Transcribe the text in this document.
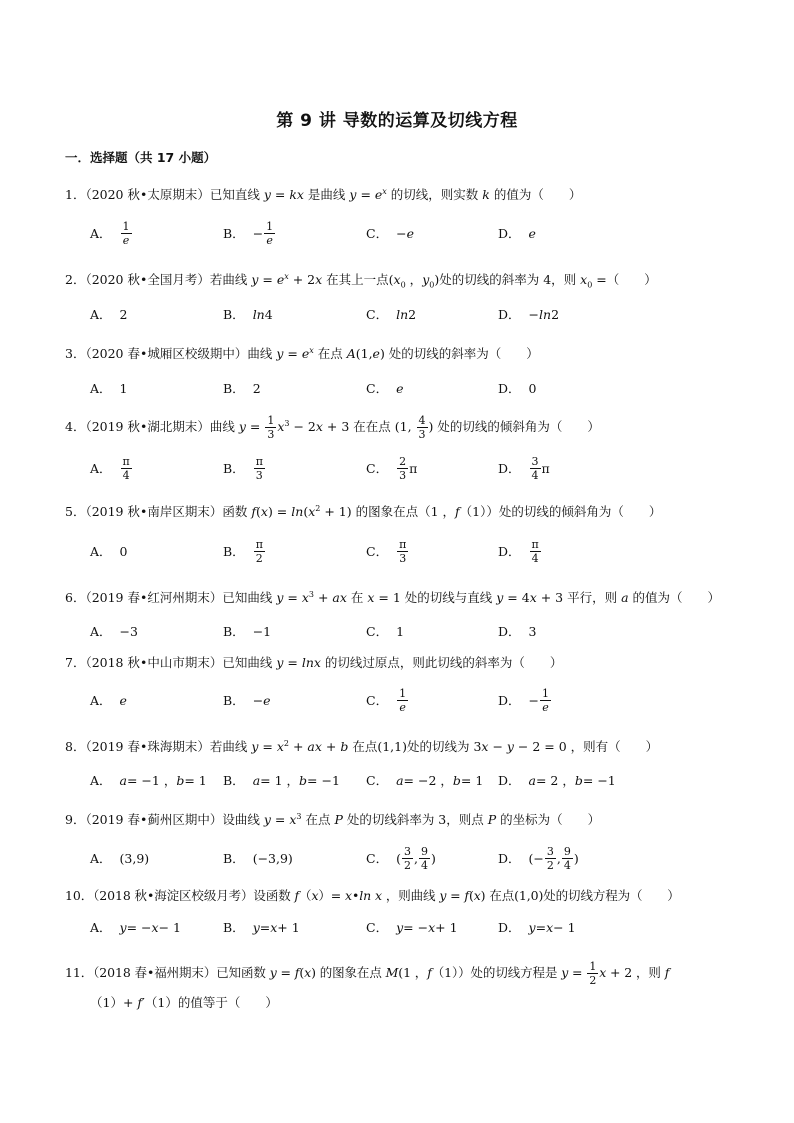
第 9 讲 导数的运算及切线方程
一．选择题（共 17 小题）
1．（2020 秋•太原期末）已知直线 y = kx 是曲线 $y = e^x$ 的切线，则实数 k 的值为（　　）
A． $\frac{1}{e}$	B． − $\frac{1}{e}$	C． − e	D． e
2．（2020 秋•全国月考）若曲线 $y = e^x + 2x$ 在其上一点($x_0$ ，$y_0$)处的切线的斜率为 4，则 $x_0$ =（　　）
A． 2	B． ln 4	C． ln 2	D． − ln 2
3．（2020 春•城厢区校级期中）曲线 $y = e^x$ 在点 A(1,e) 处的切线的斜率为（　　）
A． 1	B． 2	C． e	D． 0
4．（2019 秋•湖北期末）曲线 $y = \frac{1}{3} x^3 - 2x + 3$ 在在点 (1, $\frac{4}{3}$ ) 处的切线的倾斜角为（　　）
A． $\frac{\pi}{4}$	B． $\frac{\pi}{3}$	C． $\frac{2}{3}$ π	D． $\frac{3}{4}$ π
5．（2019 秋•南岸区期末）函数 $f(x) = \ln(x^2 + 1)$ 的图象在点（1 ，f（1））处的切线的倾斜角为（　　）
A． 0	B． $\frac{\pi}{2}$	C． $\frac{\pi}{3}$	D． $\frac{\pi}{4}$
6．（2019 春•红河州期末）已知曲线 $y = x^3$ + ax 在 x = 1 处的切线与直线 y = 4x + 3 平行，则 a 的值为（　　）
A． −3	B． −1	C． 1	D． 3
7．（2018 秋•中山市期末）已知曲线 y = lnx 的切线过原点，则此切线的斜率为（　　）
A． e	B． − e	C． $\frac{1}{e}$	D． − $\frac{1}{e}$
8．（2019 春•珠海期末）若曲线 $y = x^2$ + ax + b 在点(1,1)处的切线为 3x − y − 2 = 0 ，则有（　　）
A． a = −1 ， b = 1 B． a = 1 ， b = −1 C． a = −2 ， b = 1 D． a = 2 ， b = −1
9．（2019 春•蓟州区期中）设曲线 $y = x^3$ 在点 P 处的切线斜率为 3，则点 P 的坐标为（　　）
A． (3,9)	B． (−3,9)	C． ( $\frac{3}{2}$ , $\frac{9}{4}$ )	D． (− $\frac{3}{2}$ , $\frac{9}{4}$ )
10．（2018 秋•海淀区校级月考）设函数 f（x）= x•ln x ，则曲线 y = f(x) 在点(1,0)处的切线方程为（　　）
A． y = − x − 1	B． y = x + 1	C． y = − x + 1	D． y = x − 1
11．（2018 春•福州期末）已知函数 y = f(x) 的图象在点 M(1 ，f（1））处的切线方程是 $y = \frac{1}{2}$ x + 2 ，则 f
（1）+ f′（1）的值等于（　　）
